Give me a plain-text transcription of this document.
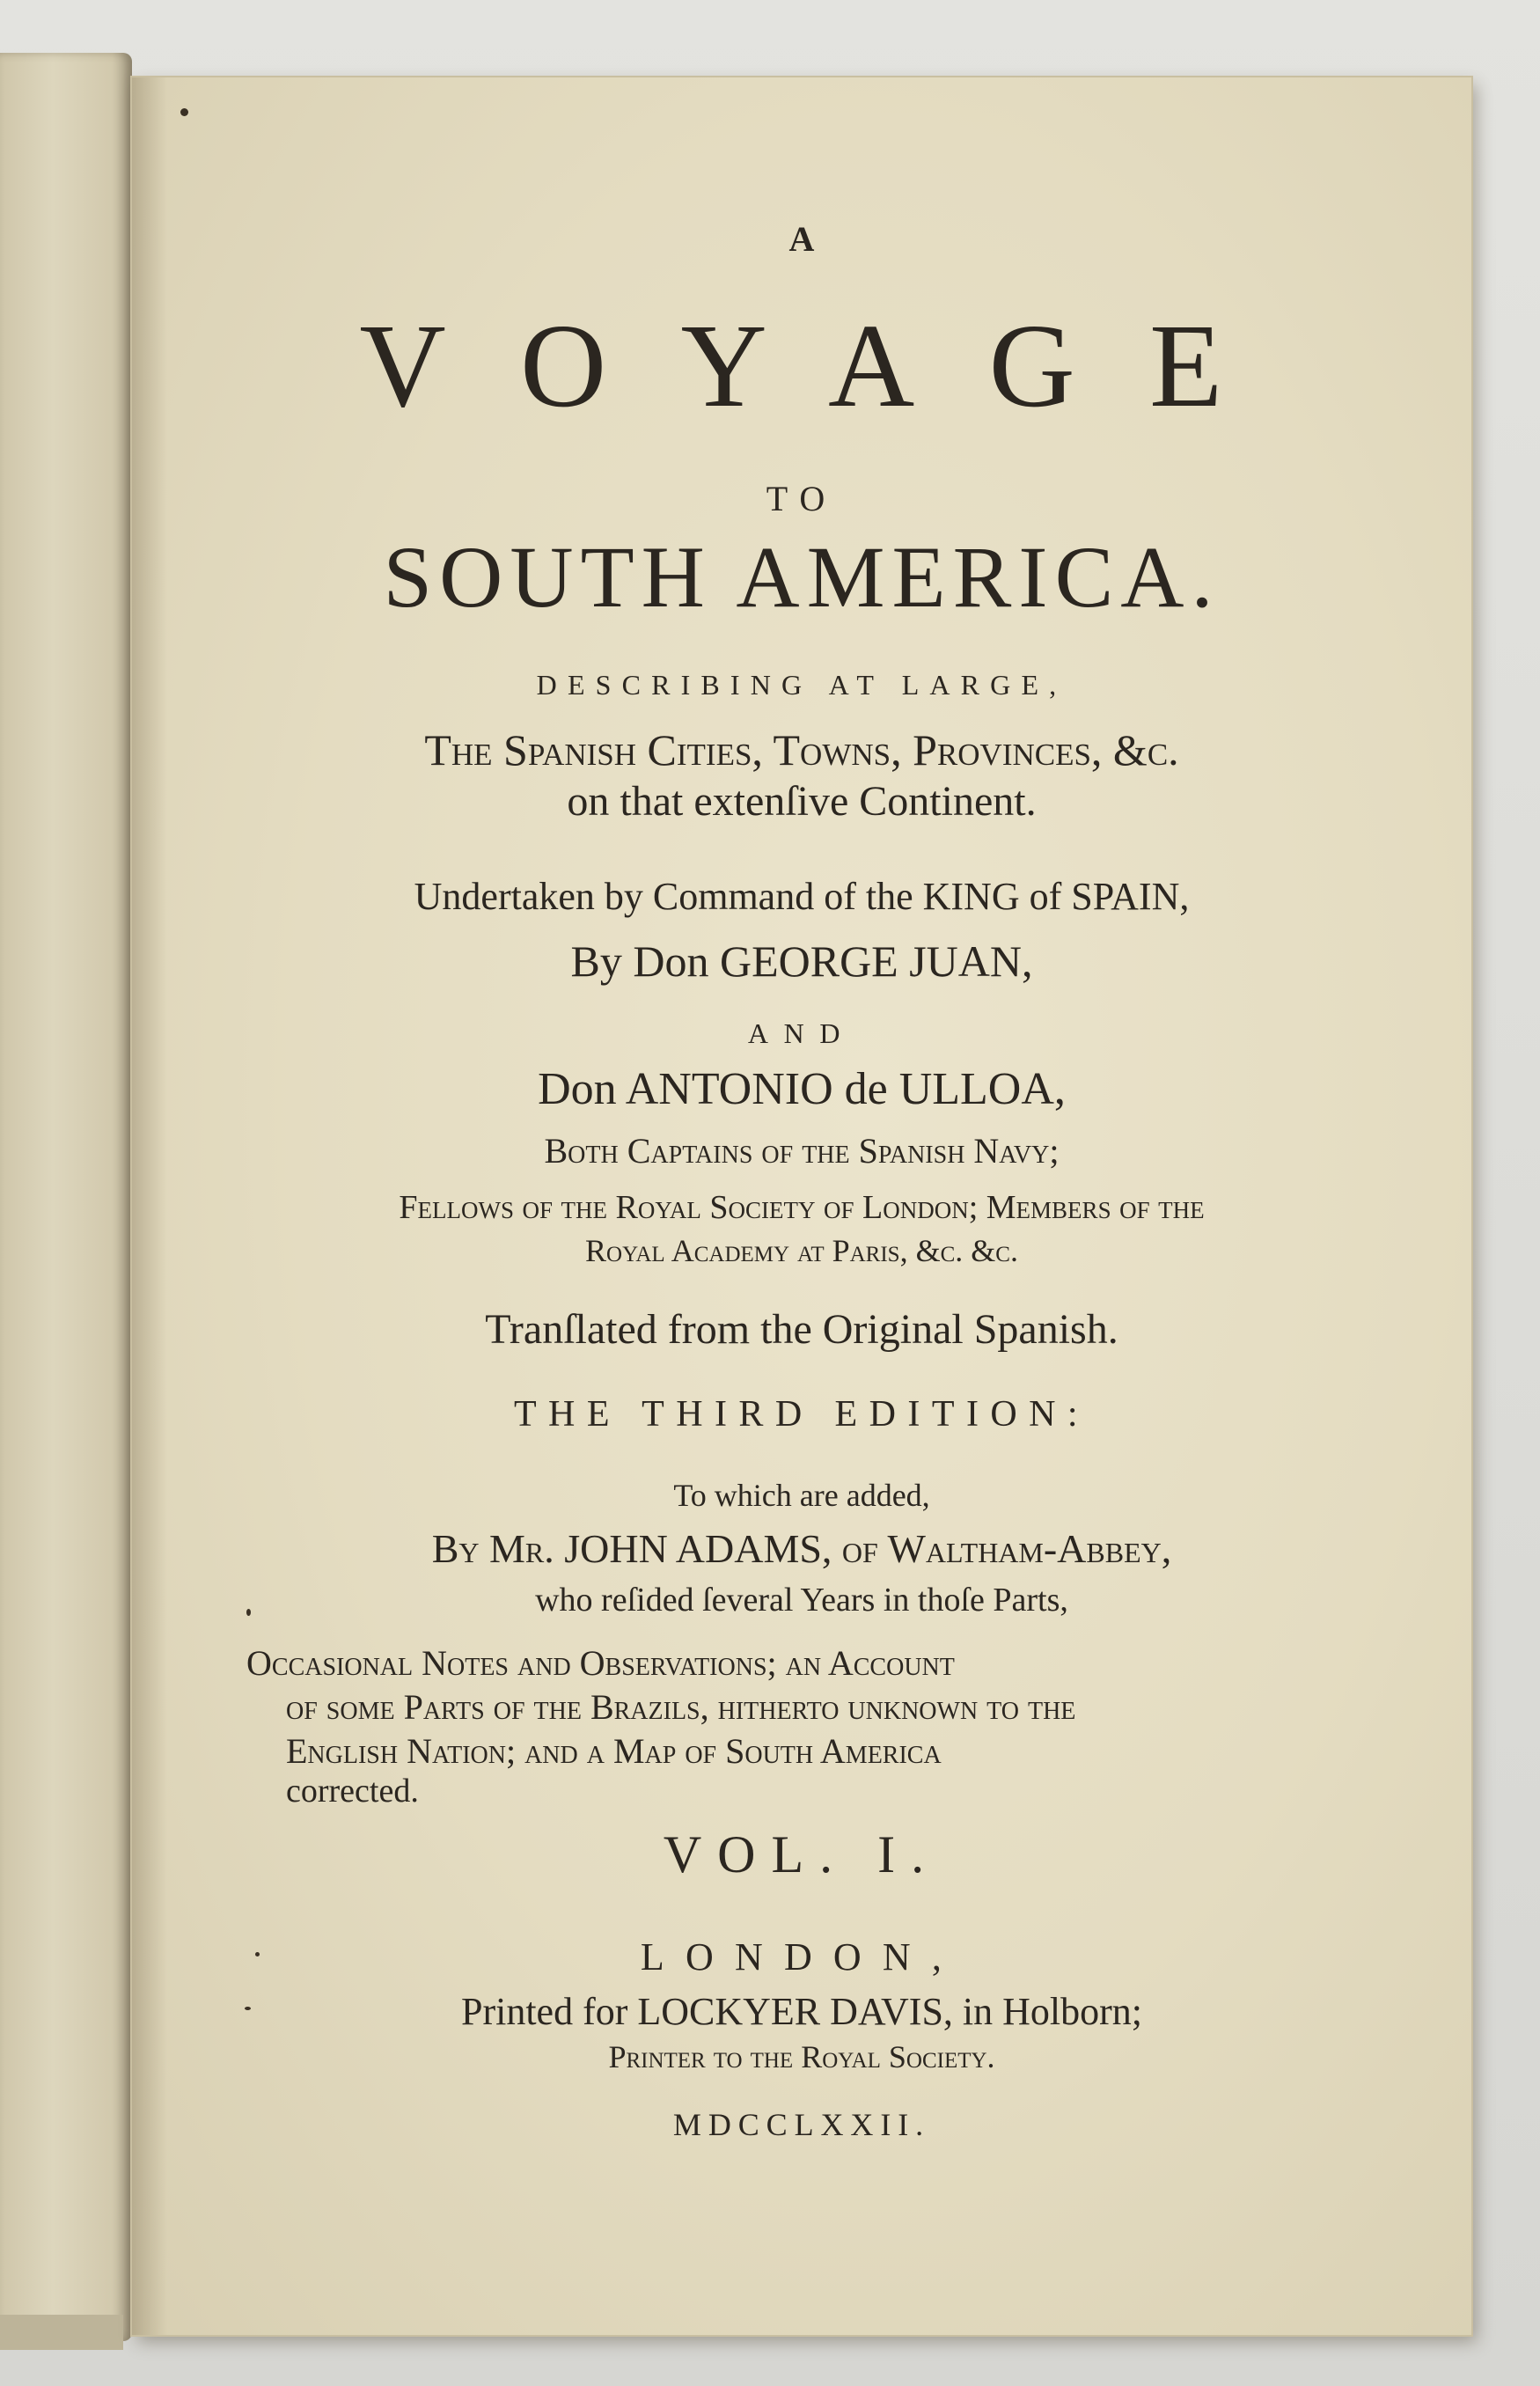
A
VOYAGE
TO
SOUTH AMERICA.
DESCRIBING AT LARGE,
The Spanish Cities, Towns, Provinces, &c.
on that extenſive Continent.
Undertaken by Command of the KING of SPAIN,
By Don GEORGE JUAN,
AND
Don ANTONIO de ULLOA,
Both Captains of the Spanish Navy;
Fellows of the Royal Society of London; Members of the
Royal Academy at Paris, &c. &c.
Tranſlated from the Original Spanish.
THE THIRD EDITION:
To which are added,
By Mr. JOHN ADAMS, of Waltham-Abbey,
who reſided ſeveral Years in thoſe Parts,
Occasional Notes and Observations; an Account
of ſome Parts of the Brazils, hitherto unknown to the
English Nation; and a Map of South America
corrected.
VOL. I.
LONDON,
Printed for LOCKYER DAVIS, in Holborn;
Printer to the Royal Society.
MDCCLXXII.
